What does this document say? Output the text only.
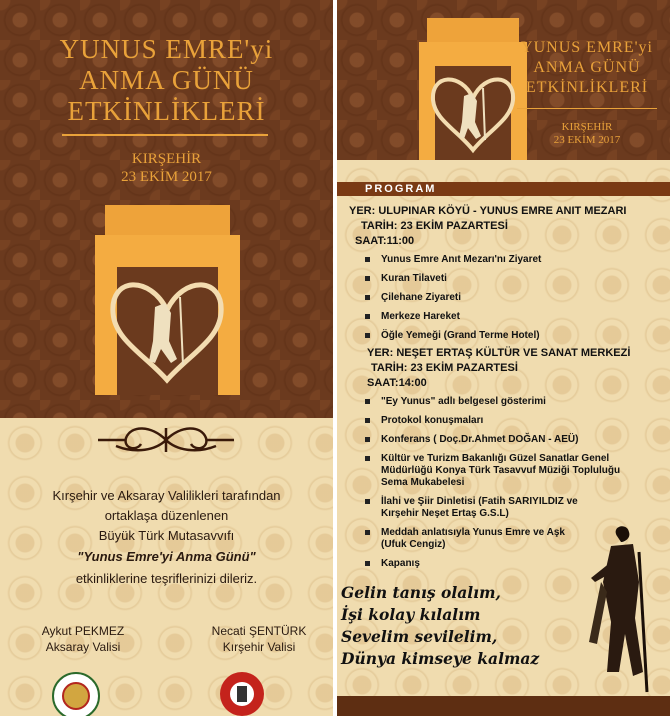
YUNUS EMRE'yi
ANMA GÜNÜ
ETKİNLİKLERİ
KIRŞEHİR
23 EKİM 2017
Kırşehir ve Aksaray Valilikleri tarafından
ortaklaşa düzenlenen
Büyük Türk Mutasavvıfı
"Yunus Emre'yi Anma Günü"
etkinliklerine teşriflerinizi dileriz.
Aykut PEKMEZ
Aksaray Valisi
Necati ŞENTÜRK
Kırşehir Valisi
YUNUS EMRE'yi
ANMA GÜNÜ
ETKİNLİKLERİ
KIRŞEHİR
23 EKİM 2017
PROGRAM
YER: ULUPINAR KÖYÜ - YUNUS EMRE ANIT MEZARI
TARİH: 23 EKİM PAZARTESİ
SAAT:11:00
Yunus Emre Anıt Mezarı'nı Ziyaret
Kuran Tilaveti
Çilehane Ziyareti
Merkeze Hareket
Öğle Yemeği (Grand Terme Hotel)
YER: NEŞET ERTAŞ KÜLTÜR VE SANAT MERKEZİ
TARİH: 23 EKİM PAZARTESİ
SAAT:14:00
"Ey Yunus" adlı belgesel gösterimi
Protokol konuşmaları
Konferans ( Doç.Dr.Ahmet DOĞAN - AEÜ)
Kültür ve Turizm Bakanlığı Güzel Sanatlar Genel
Müdürlüğü Konya Türk Tasavvuf Müziği Topluluğu
Sema Mukabelesi
İlahi ve Şiir Dinletisi (Fatih SARIYILDIZ ve
Kırşehir Neşet Ertaş G.S.L)
Meddah anlatısıyla Yunus Emre ve Aşk
(Ufuk Cengiz)
Kapanış
Gelin tanış olalım,
İşi kolay kılalım
Sevelim sevilelim,
Dünya kimseye kalmaz
